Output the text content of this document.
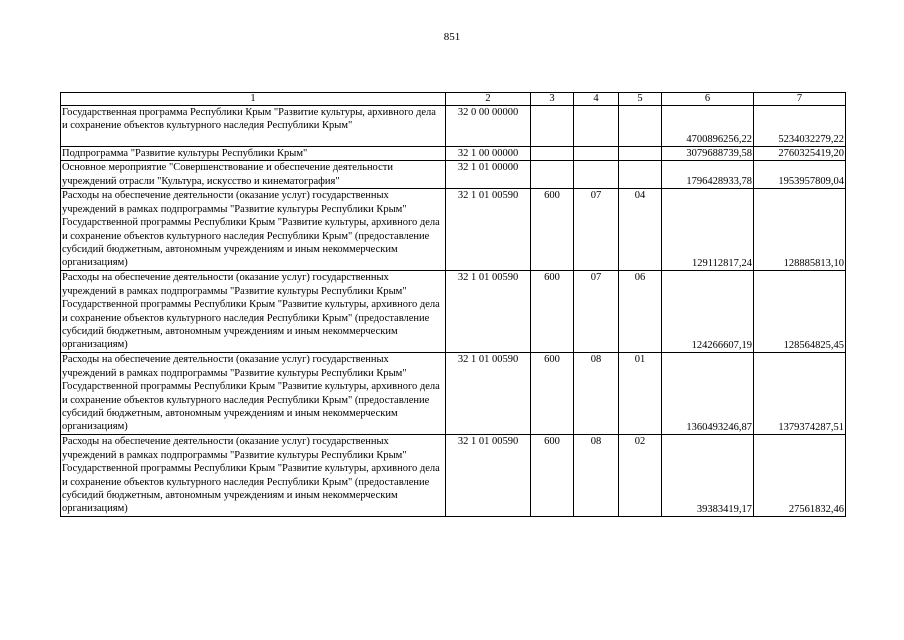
851
1	2	3	4	5	6	7
Государственная программа Республики Крым "Развитие культуры, архивного дела и сохранение объектов культурного наследия Республики Крым"	32 0 00 00000				4700896256,22	5234032279,22
Подпрограмма "Развитие культуры Республики Крым"	32 1 00 00000				3079688739,58	2760325419,20
Основное мероприятие "Совершенствование и обеспечение деятельности учреждений отрасли "Культура, искусство и кинематография"	32 1 01 00000				1796428933,78	1953957809,04
Расходы на обеспечение деятельности (оказание услуг) государственных учреждений в рамках подпрограммы "Развитие культуры Республики Крым" Государственной программы Республики Крым "Развитие культуры, архивного дела и сохранение объектов культурного наследия Республики Крым" (предоставление субсидий бюджетным, автономным учреждениям и иным некоммерческим организациям)	32 1 01 00590	600	07	04	129112817,24	128885813,10
Расходы на обеспечение деятельности (оказание услуг) государственных учреждений в рамках подпрограммы "Развитие культуры Республики Крым" Государственной программы Республики Крым "Развитие культуры, архивного дела и сохранение объектов культурного наследия Республики Крым" (предоставление субсидий бюджетным, автономным учреждениям и иным некоммерческим организациям)	32 1 01 00590	600	07	06	124266607,19	128564825,45
Расходы на обеспечение деятельности (оказание услуг) государственных учреждений в рамках подпрограммы "Развитие культуры Республики Крым" Государственной программы Республики Крым "Развитие культуры, архивного дела и сохранение объектов культурного наследия Республики Крым" (предоставление субсидий бюджетным, автономным учреждениям и иным некоммерческим организациям)	32 1 01 00590	600	08	01	1360493246,87	1379374287,51
Расходы на обеспечение деятельности (оказание услуг) государственных учреждений в рамках подпрограммы "Развитие культуры Республики Крым" Государственной программы Республики Крым "Развитие культуры, архивного дела и сохранение объектов культурного наследия Республики Крым" (предоставление субсидий бюджетным, автономным учреждениям и иным некоммерческим организациям)	32 1 01 00590	600	08	02	39383419,17	27561832,46
